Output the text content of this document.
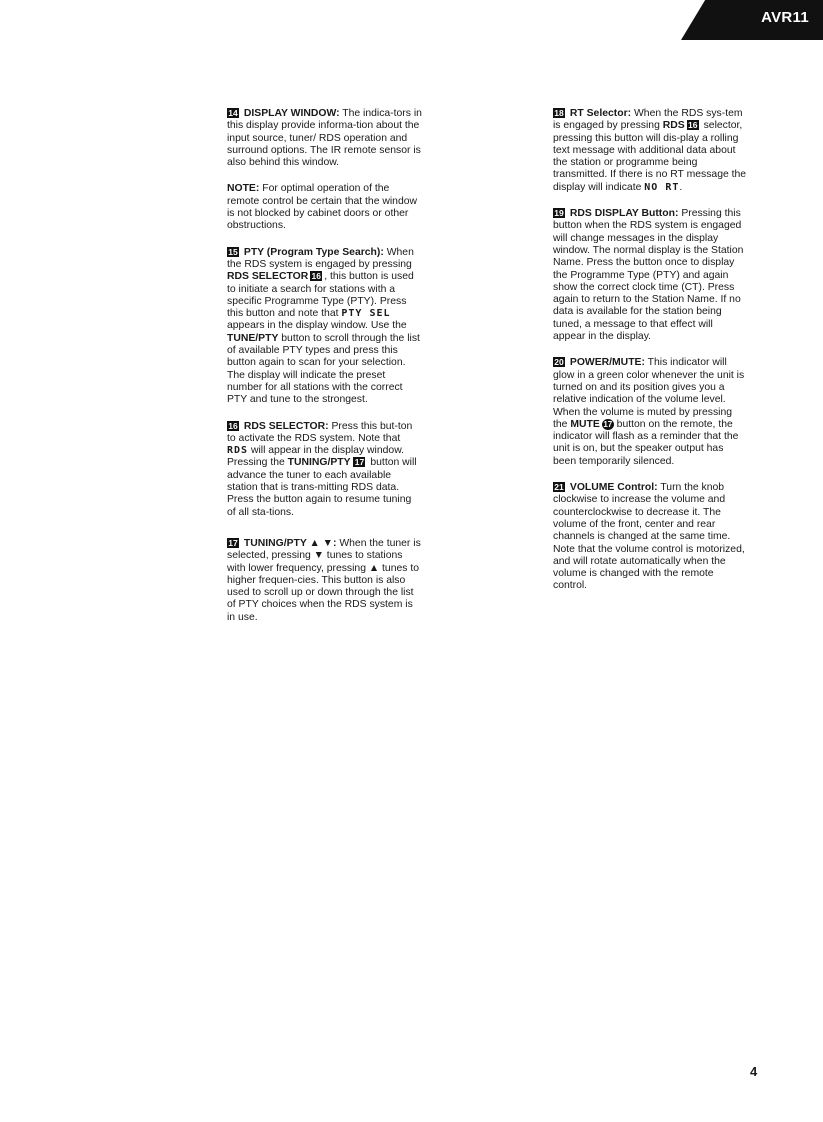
AVR11

14 DISPLAY WINDOW: The indica-tors in this display provide informa-tion about the input source, tuner/ RDS operation and surround options. The IR remote sensor is also behind this window.

NOTE: For optimal operation of the remote control be certain that the window is not blocked by cabinet doors or other obstructions.

15 PTY (Program Type Search): When the RDS system is engaged by pressing RDS SELECTOR 16 , this button is used to initiate a search for stations with a specific Programme Type (PTY). Press this button and note that PTY SEL appears in the display window. Use the TUNE/PTY button to scroll through the list of available PTY types and press this button again to scan for your selection. The display will indicate the preset number for all stations with the correct PTY and tune to the strongest.

16 RDS SELECTOR: Press this but-ton to activate the RDS system. Note that RDS will appear in the display window. Pressing the TUNING/PTY 17 button will advance the tuner to each available station that is trans-mitting RDS data. Press the button again to resume tuning of all sta-tions.

17 TUNING/PTY ▲ ▼: When the tuner is selected, pressing ▼ tunes to stations with lower frequency, pressing ▲ tunes to higher frequen-cies. This button is also used to scroll up or down through the list of PTY choices when the RDS system is in use.

18 RT Selector: When the RDS sys-tem is engaged by pressing RDS 16 selector, pressing this button will dis-play a rolling text message with additional data about the station or programme being transmitted. If there is no RT message the display will indicate NO RT.

19 RDS DISPLAY Button: Pressing this button when the RDS system is engaged will change messages in the display window. The normal display is the Station Name. Press the button once to display the Programme Type (PTY) and again show the correct clock time (CT). Press again to return to the Station Name. If no data is available for the station being tuned, a message to that effect will appear in the display.

20 POWER/MUTE: This indicator will glow in a green color whenever the unit is turned on and its position gives you a relative indication of the volume level. When the volume is muted by pressing the MUTE 17 button on the remote, the indicator will flash as a reminder that the unit is on, but the speaker output has been temporarily silenced.

21 VOLUME Control: Turn the knob clockwise to increase the volume and counterclockwise to decrease it. The volume of the front, center and rear channels is changed at the same time. Note that the volume control is motorized, and will rotate automatically when the volume is changed with the remote control.

4
